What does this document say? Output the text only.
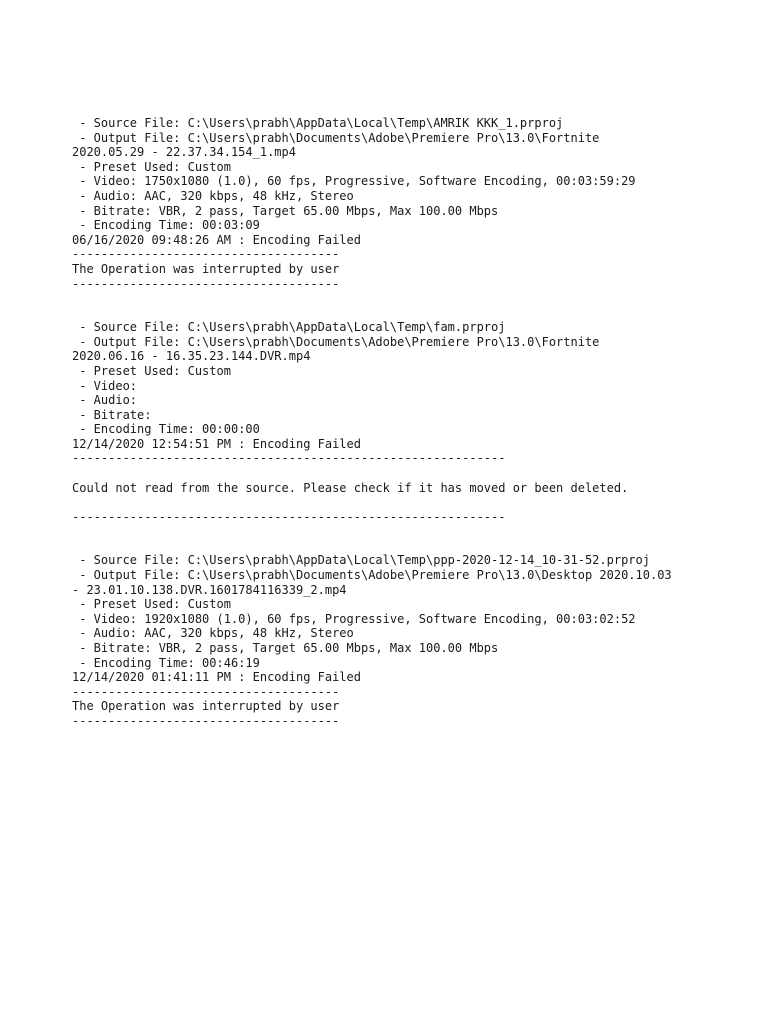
- Source File: C:\Users\prabh\AppData\Local\Temp\AMRIK KKK_1.prproj
- Output File: C:\Users\prabh\Documents\Adobe\Premiere Pro\13.0\Fortnite
2020.05.29 - 22.37.34.154_1.mp4
- Preset Used: Custom
- Video: 1750x1080 (1.0), 60 fps, Progressive, Software Encoding, 00:03:59:29
- Audio: AAC, 320 kbps, 48 kHz, Stereo
- Bitrate: VBR, 2 pass, Target 65.00 Mbps, Max 100.00 Mbps
- Encoding Time: 00:03:09
06/16/2020 09:48:26 AM : Encoding Failed
-------------------------------------
The Operation was interrupted by user
-------------------------------------
- Source File: C:\Users\prabh\AppData\Local\Temp\fam.prproj
- Output File: C:\Users\prabh\Documents\Adobe\Premiere Pro\13.0\Fortnite
2020.06.16 - 16.35.23.144.DVR.mp4
- Preset Used: Custom
- Video:
- Audio:
- Bitrate:
- Encoding Time: 00:00:00
12/14/2020 12:54:51 PM : Encoding Failed
------------------------------------------------------------
Could not read from the source. Please check if it has moved or been deleted.
------------------------------------------------------------
- Source File: C:\Users\prabh\AppData\Local\Temp\ppp-2020-12-14_10-31-52.prproj
- Output File: C:\Users\prabh\Documents\Adobe\Premiere Pro\13.0\Desktop 2020.10.03
- 23.01.10.138.DVR.1601784116339_2.mp4
- Preset Used: Custom
- Video: 1920x1080 (1.0), 60 fps, Progressive, Software Encoding, 00:03:02:52
- Audio: AAC, 320 kbps, 48 kHz, Stereo
- Bitrate: VBR, 2 pass, Target 65.00 Mbps, Max 100.00 Mbps
- Encoding Time: 00:46:19
12/14/2020 01:41:11 PM : Encoding Failed
-------------------------------------
The Operation was interrupted by user
-------------------------------------
